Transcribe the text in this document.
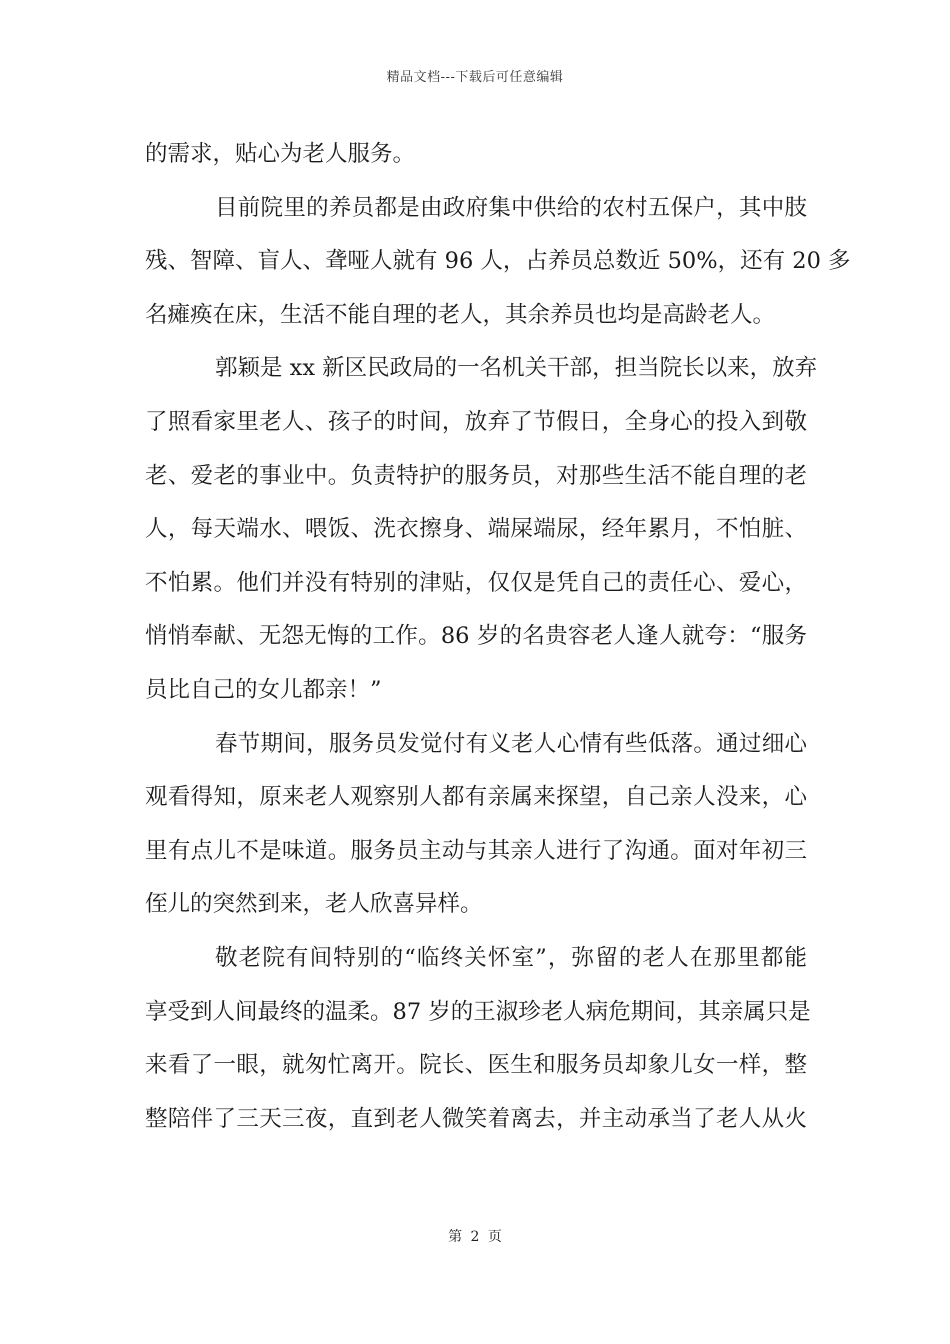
精品文档---下载后可任意编辑
的需求，贴心为老人服务。
目前院里的养员都是由政府集中供给的农村五保户，其中肢
残、智障、盲人、聋哑人就有 96 人，占养员总数近 50%，还有 20 多
名瘫痪在床，生活不能自理的老人，其余养员也均是高龄老人。
郭颖是 xx 新区民政局的一名机关干部，担当院长以来，放弃
了照看家里老人、孩子的时间，放弃了节假日，全身心的投入到敬
老、爱老的事业中。负责特护的服务员，对那些生活不能自理的老
人，每天端水、喂饭、洗衣擦身、端屎端尿，经年累月，不怕脏、
不怕累。他们并没有特别的津贴，仅仅是凭自己的责任心、爱心，
悄悄奉献、无怨无悔的工作。86 岁的名贵容老人逢人就夸：“服务
员比自己的女儿都亲！”
春节期间，服务员发觉付有义老人心情有些低落。通过细心
观看得知，原来老人观察别人都有亲属来探望，自己亲人没来，心
里有点儿不是味道。服务员主动与其亲人进行了沟通。面对年初三
侄儿的突然到来，老人欣喜异样。
敬老院有间特别的“临终关怀室”，弥留的老人在那里都能
享受到人间最终的温柔。87 岁的王淑珍老人病危期间，其亲属只是
来看了一眼，就匆忙离开。院长、医生和服务员却象儿女一样，整
整陪伴了三天三夜，直到老人微笑着离去，并主动承当了老人从火
第 2 页
